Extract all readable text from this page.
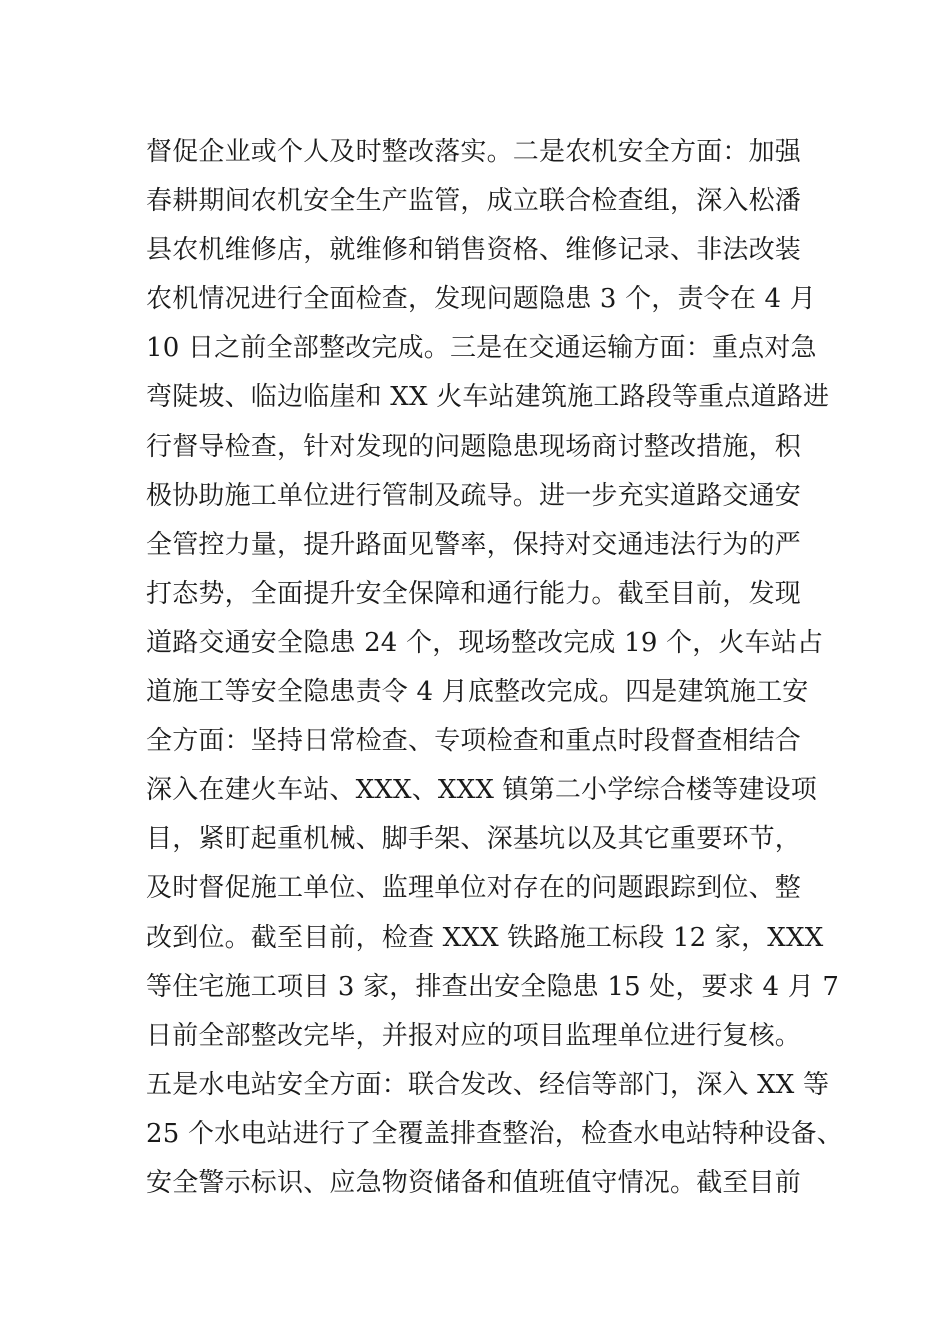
督促企业或个人及时整改落实。二是农机安全方面：加强
春耕期间农机安全生产监管，成立联合检查组，深入松潘
县农机维修店，就维修和销售资格、维修记录、非法改装
农机情况进行全面检查，发现问题隐患 3 个，责令在 4 月
10 日之前全部整改完成。三是在交通运输方面：重点对急
弯陡坡、临边临崖和 XX 火车站建筑施工路段等重点道路进
行督导检查，针对发现的问题隐患现场商讨整改措施，积
极协助施工单位进行管制及疏导。进一步充实道路交通安
全管控力量，提升路面见警率，保持对交通违法行为的严
打态势，全面提升安全保障和通行能力。截至目前，发现
道路交通安全隐患 24 个，现场整改完成 19 个，火车站占
道施工等安全隐患责令 4 月底整改完成。四是建筑施工安
全方面：坚持日常检查、专项检查和重点时段督查相结合
深入在建火车站、XXX、XXX 镇第二小学综合楼等建设项
目，紧盯起重机械、脚手架、深基坑以及其它重要环节，
及时督促施工单位、监理单位对存在的问题跟踪到位、整
改到位。截至目前，检查 XXX 铁路施工标段 12 家，XXX
等住宅施工项目 3 家，排查出安全隐患 15 处，要求 4 月 7
日前全部整改完毕，并报对应的项目监理单位进行复核。
五是水电站安全方面：联合发改、经信等部门，深入 XX 等
25 个水电站进行了全覆盖排查整治，检查水电站特种设备、
安全警示标识、应急物资储备和值班值守情况。截至目前
